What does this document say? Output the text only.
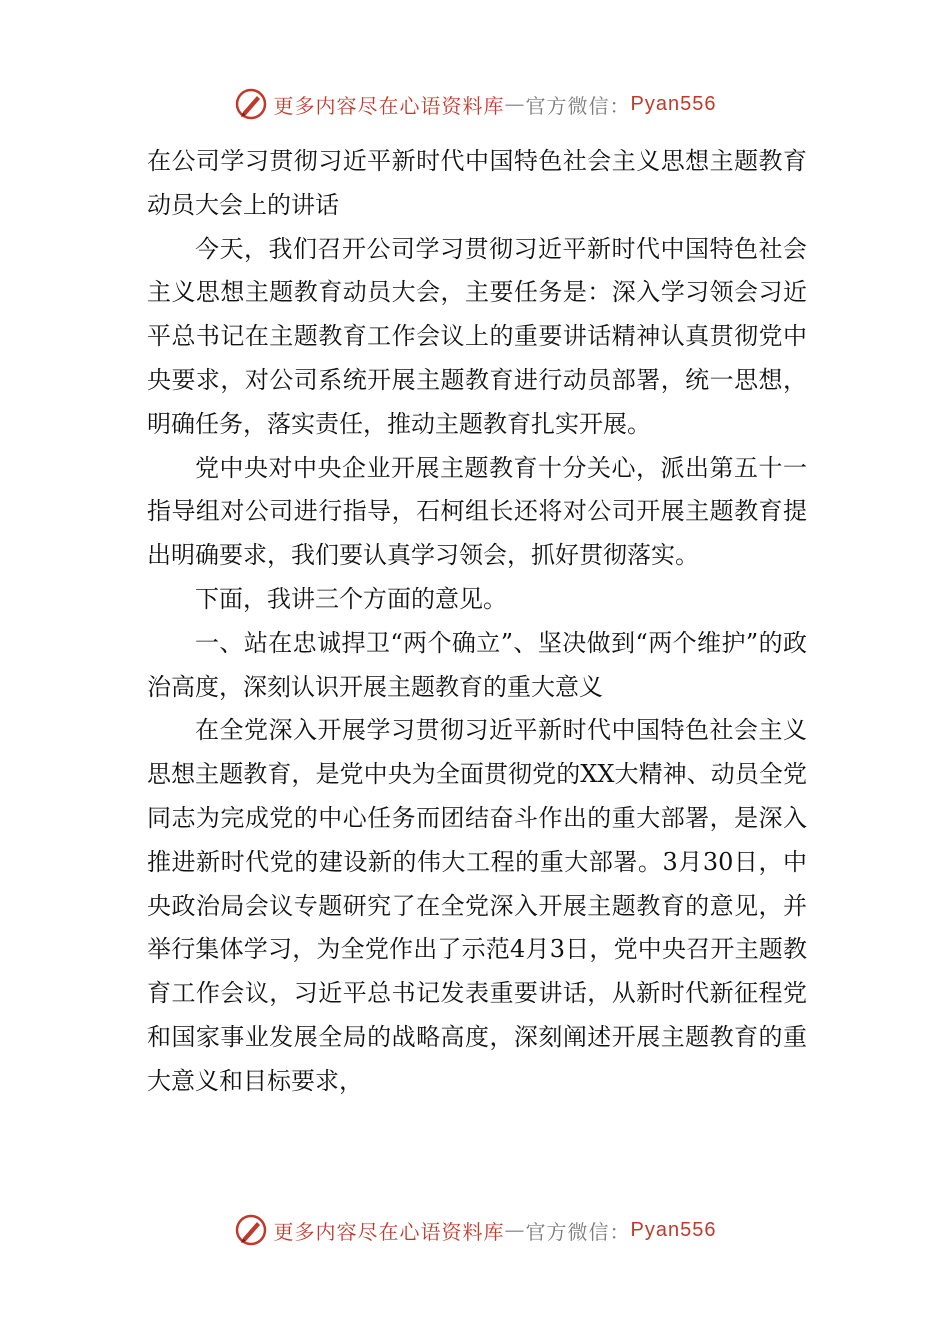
更多内容尽在心语资料库 — 官方微信： Pyan556

在公司学习贯彻习近平新时代中国特色社会主义思想主题教育动员大会上的讲话

今天，我们召开公司学习贯彻习近平新时代中国特色社会主义思想主题教育动员大会，主要任务是：深入学习领会习近平总书记在主题教育工作会议上的重要讲话精神认真贯彻党中央要求，对公司系统开展主题教育进行动员部署，统一思想，明确任务，落实责任，推动主题教育扎实开展。

党中央对中央企业开展主题教育十分关心，派出第五十一指导组对公司进行指导，石柯组长还将对公司开展主题教育提出明确要求，我们要认真学习领会，抓好贯彻落实。

下面，我讲三个方面的意见。

一、站在忠诚捍卫“两个确立”、坚决做到“两个维护”的政治高度，深刻认识开展主题教育的重大意义

在全党深入开展学习贯彻习近平新时代中国特色社会主义思想主题教育，是党中央为全面贯彻党的XX大精神、动员全党同志为完成党的中心任务而团结奋斗作出的重大部署，是深入推进新时代党的建设新的伟大工程的重大部署。3月30日，中央政治局会议专题研究了在全党深入开展主题教育的意见，并举行集体学习，为全党作出了示范4月3日，党中央召开主题教育工作会议，习近平总书记发表重要讲话，从新时代新征程党和国家事业发展全局的战略高度，深刻阐述开展主题教育的重大意义和目标要求，

更多内容尽在心语资料库 — 官方微信： Pyan556
